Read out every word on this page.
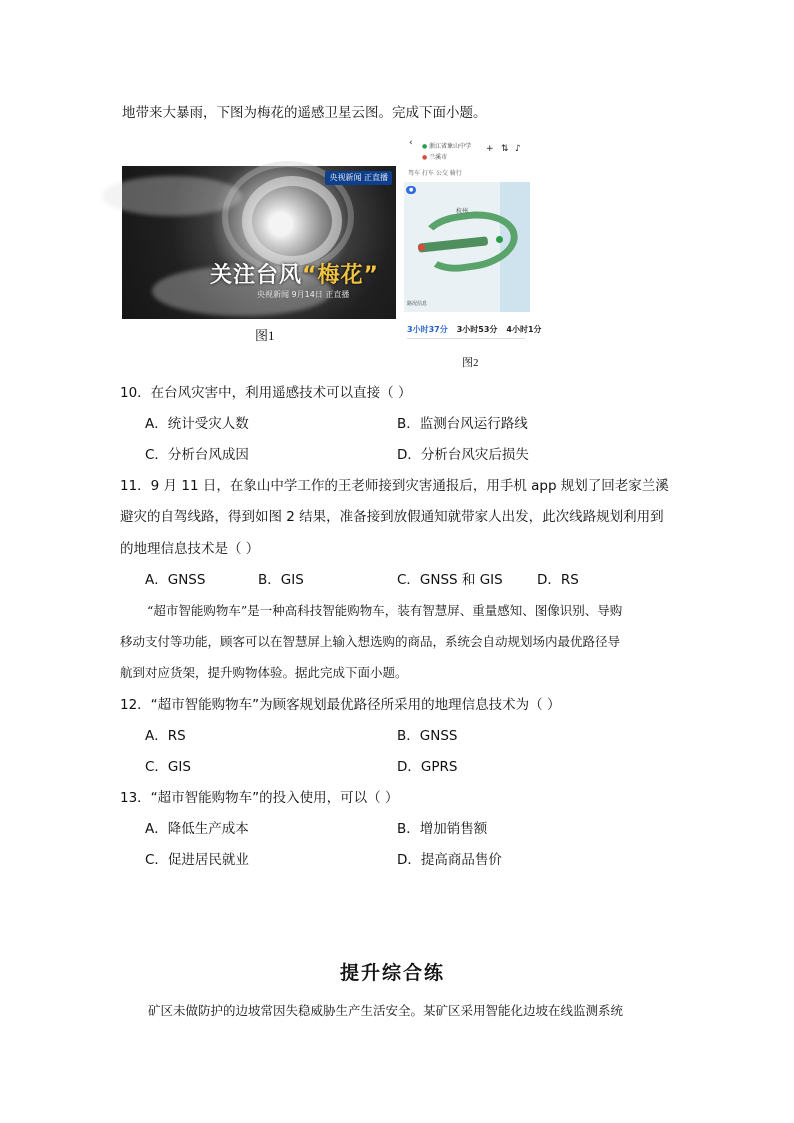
地带来大暴雨，下图为梅花的遥感卫星云图。完成下面小题。
央视新闻 正直播
关注台风“梅花”
央视新闻 9月14日 正直播
图1
‹ ● 浙江省象山中学
● 兰溪市
+ ⇅ ♪
驾车 打车 公交 骑行
杭州
●
路况信息
3小时37分 3小时53分 4小时1分
图2
10．在台风灾害中，利用遥感技术可以直接（ ）
A．统计受灾人数	B．监测台风运行路线
C．分析台风成因	D．分析台风灾后损失
11．9 月 11 日，在象山中学工作的王老师接到灾害通报后，用手机 app 规划了回老家兰溪
避灾的自驾线路，得到如图 2 结果，准备接到放假通知就带家人出发，此次线路规划利用到
的地理信息技术是（ ）
A．GNSS	B．GIS	C．GNSS 和 GIS	D．RS
“超市智能购物车”是一种高科技智能购物车，装有智慧屏、重量感知、图像识别、导购
移动支付等功能，顾客可以在智慧屏上输入想选购的商品，系统会自动规划场内最优路径导
航到对应货架，提升购物体验。据此完成下面小题。
12．“超市智能购物车”为顾客规划最优路径所采用的地理信息技术为（ ）
A．RS	B．GNSS
C．GIS	D．GPRS
13．“超市智能购物车”的投入使用，可以（ ）
A．降低生产成本	B．增加销售额
C．促进居民就业	D．提高商品售价
提升综合练
矿区未做防护的边坡常因失稳威胁生产生活安全。某矿区采用智能化边坡在线监测系统
